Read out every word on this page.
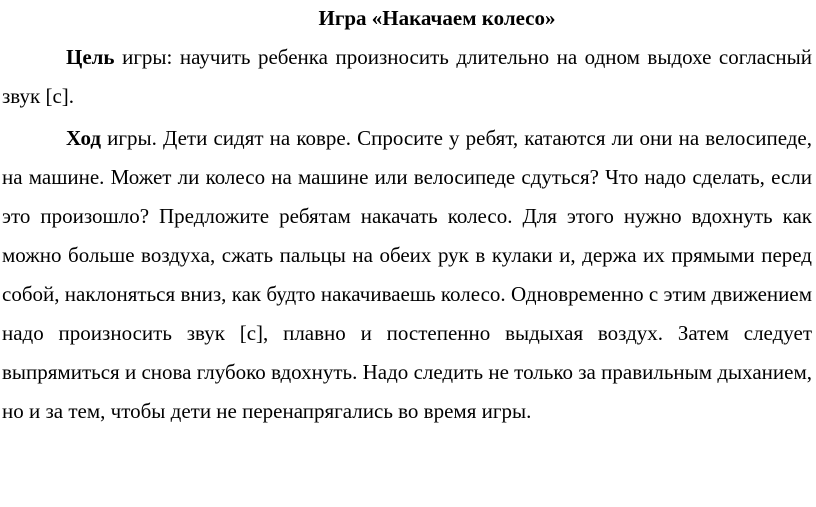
Игра «Накачаем колесо»

Цель игры: научить ребенка произносить длительно на одном выдохе согласный звук [с].

Ход игры. Дети сидят на ковре. Спросите у ребят, катаются ли они на велосипеде, на машине. Может ли колесо на машине или велосипеде сдуться? Что надо сделать, если это произошло? Предложите ребятам накачать колесо. Для этого нужно вдохнуть как можно больше воздуха, сжать пальцы на обеих рук в кулаки и, держа их прямыми перед собой, наклоняться вниз, как будто накачиваешь колесо. Одновременно с этим движением надо произносить звук [с], плавно и постепенно выдыхая воздух. Затем следует выпрямиться и снова глубоко вдохнуть. Надо следить не только за правильным дыханием, но и за тем, чтобы дети не перенапрягались во время игры.
